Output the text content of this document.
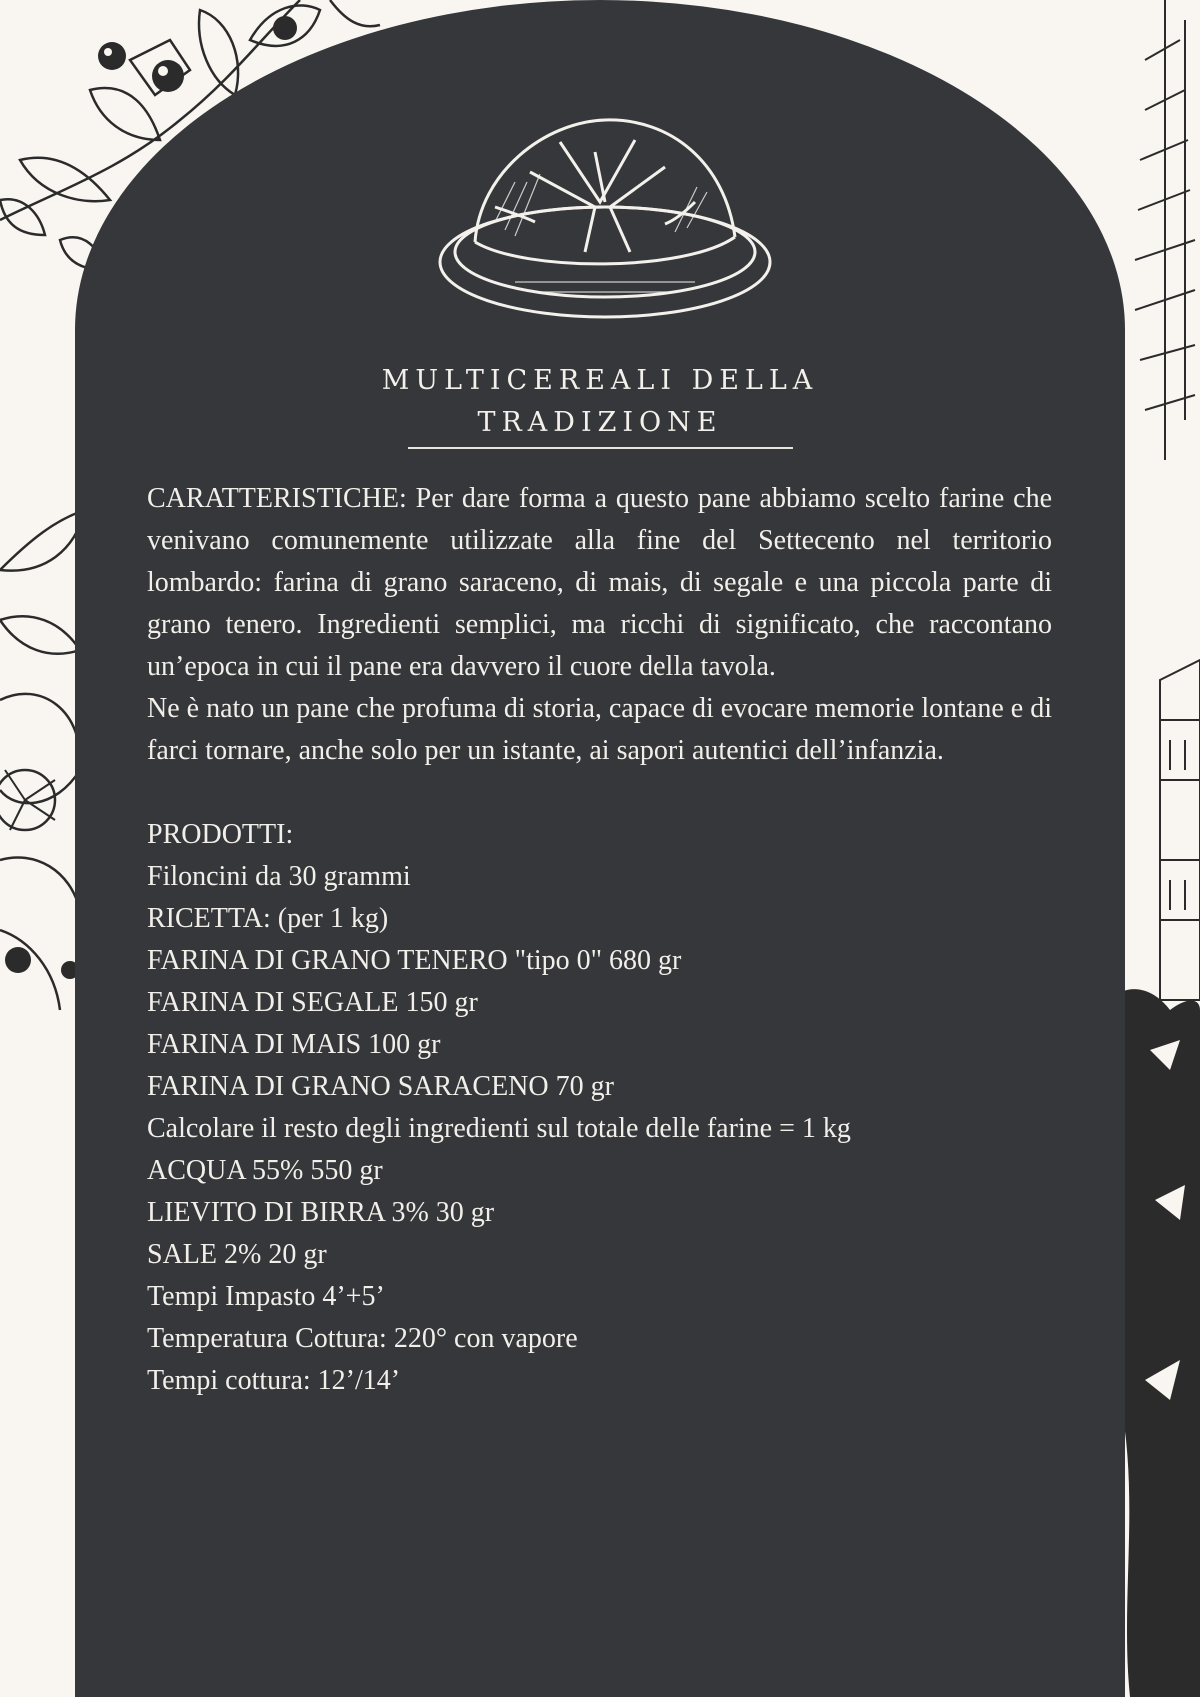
MULTICEREALI DELLA
TRADIZIONE

CARATTERISTICHE: Per dare forma a questo pane abbiamo scelto farine che venivano comunemente utilizzate alla fine del Settecento nel territorio lombardo: farina di grano saraceno, di mais, di segale e una piccola parte di grano tenero. Ingredienti semplici, ma ricchi di significato, che raccontano un’epoca in cui il pane era davvero il cuore della tavola.

Ne è nato un pane che profuma di storia, capace di evocare memorie lontane e di farci tornare, anche solo per un istante, ai sapori autentici dell’infanzia.

PRODOTTI:

Filoncini da 30 grammi

RICETTA: (per 1 kg)

FARINA DI GRANO TENERO "tipo 0" 680 gr

FARINA DI SEGALE 150 gr

FARINA DI MAIS 100 gr

FARINA DI GRANO SARACENO 70 gr

Calcolare il resto degli ingredienti sul totale delle farine = 1 kg

ACQUA 55% 550 gr

LIEVITO DI BIRRA 3% 30 gr

SALE 2% 20 gr

Tempi Impasto 4’+5’

Temperatura Cottura: 220° con vapore

Tempi cottura: 12’/14’
